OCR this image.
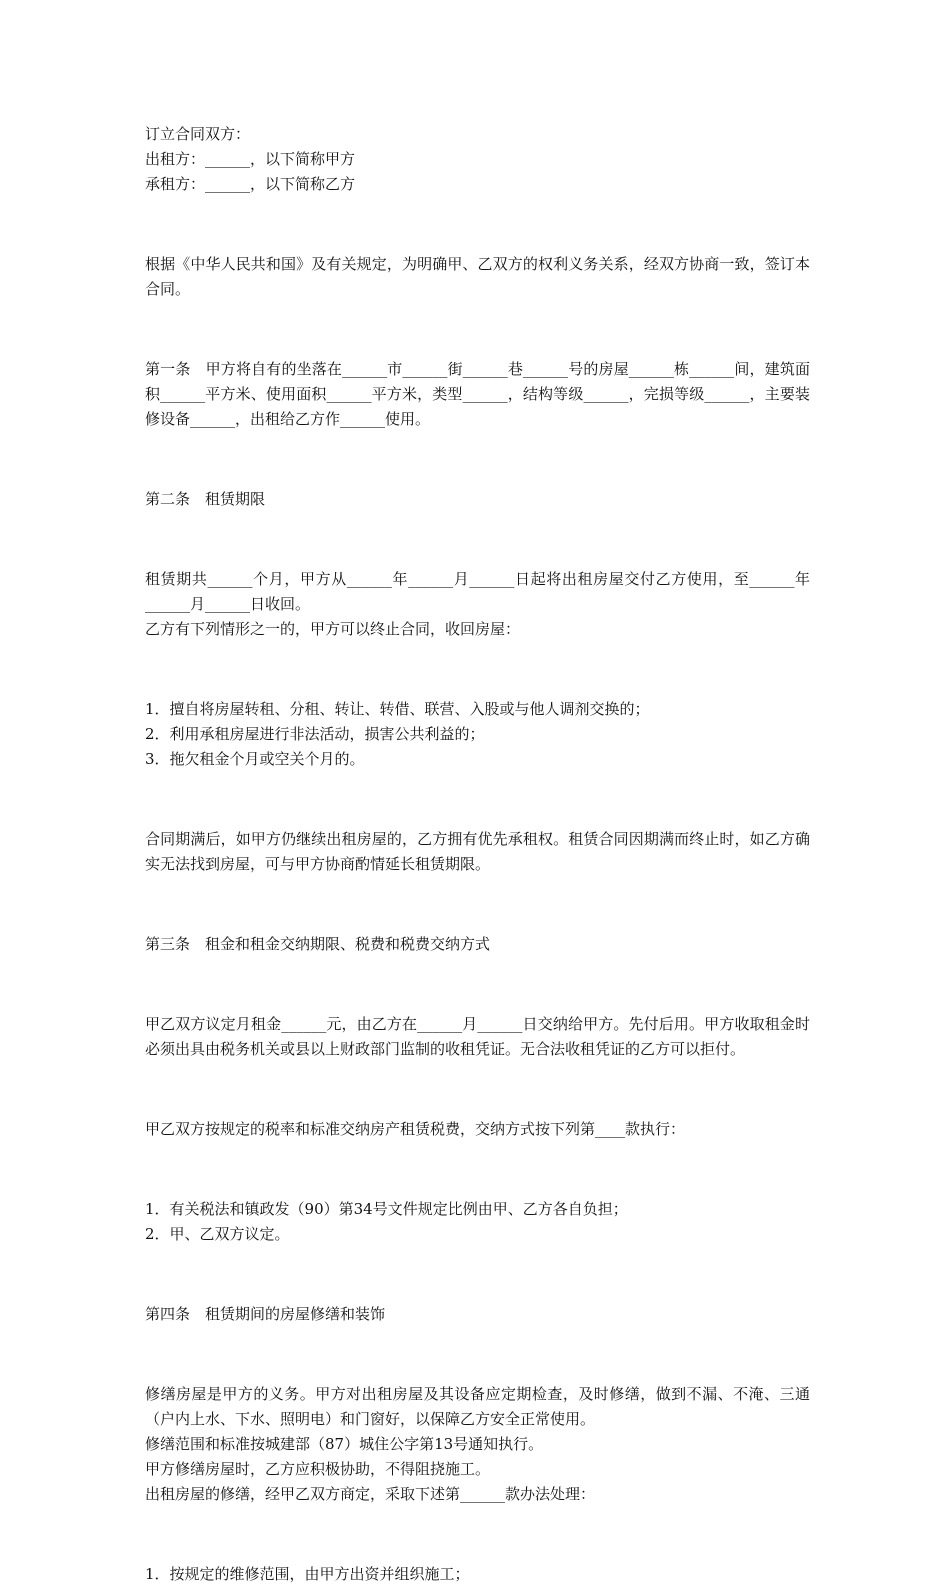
订立合同双方：

出租方：______，以下简称甲方

承租方：______，以下简称乙方

根据《中华人民共和国》及有关规定，为明确甲、乙双方的权利义务关系，经双方协商一致，签订本合同。

第一条　甲方将自有的坐落在______市______街______巷______号的房屋______栋______间，建筑面积______平方米、使用面积______平方米，类型______，结构等级______，完损等级______，主要装修设备______，出租给乙方作______使用。

第二条　租赁期限

租赁期共______个月，甲方从______年______月______日起将出租房屋交付乙方使用，至______年______月______日收回。

乙方有下列情形之一的，甲方可以终止合同，收回房屋：

1．擅自将房屋转租、分租、转让、转借、联营、入股或与他人调剂交换的；

2．利用承租房屋进行非法活动，损害公共利益的；

3．拖欠租金个月或空关个月的。

合同期满后，如甲方仍继续出租房屋的，乙方拥有优先承租权。租赁合同因期满而终止时，如乙方确实无法找到房屋，可与甲方协商酌情延长租赁期限。

第三条　租金和租金交纳期限、税费和税费交纳方式

甲乙双方议定月租金______元，由乙方在______月______日交纳给甲方。先付后用。甲方收取租金时必须出具由税务机关或县以上财政部门监制的收租凭证。无合法收租凭证的乙方可以拒付。

甲乙双方按规定的税率和标准交纳房产租赁税费，交纳方式按下列第____款执行：

1．有关税法和镇政发（90）第34号文件规定比例由甲、乙方各自负担；

2．甲、乙双方议定。

第四条　租赁期间的房屋修缮和装饰

修缮房屋是甲方的义务。甲方对出租房屋及其设备应定期检查，及时修缮，做到不漏、不淹、三通（户内上水、下水、照明电）和门窗好，以保障乙方安全正常使用。

修缮范围和标准按城建部（87）城住公字第13号通知执行。

甲方修缮房屋时，乙方应积极协助，不得阻挠施工。

出租房屋的修缮，经甲乙双方商定，采取下述第______款办法处理：

1．按规定的维修范围，由甲方出资并组织施工；
